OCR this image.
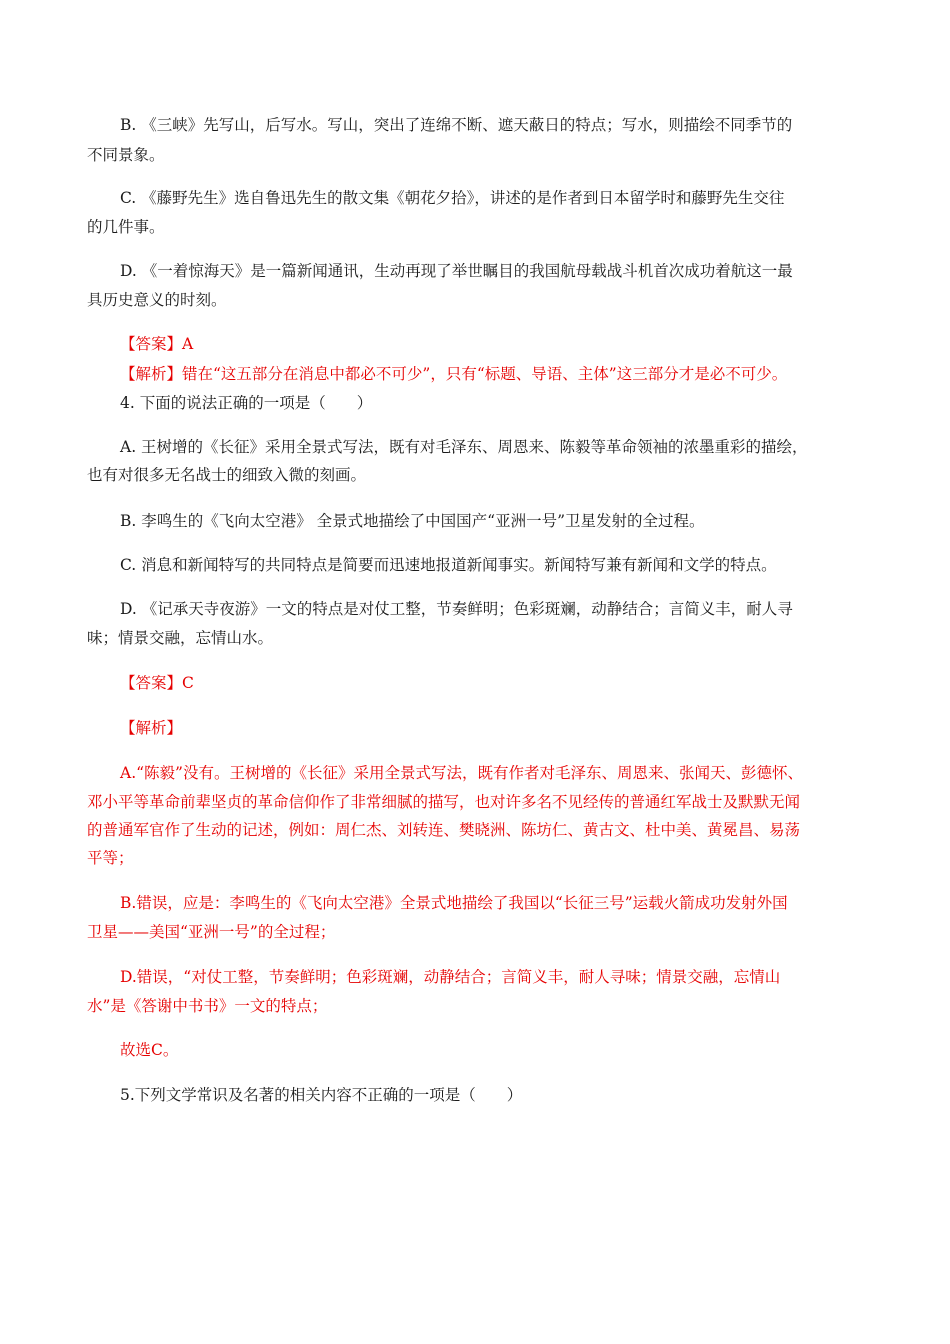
B. 《三峡》先写山，后写水。写山，突出了连绵不断、遮天蔽日的特点；写水，则描绘不同季节的
不同景象。
C. 《藤野先生》选自鲁迅先生的散文集《朝花夕拾》，讲述的是作者到日本留学时和藤野先生交往
的几件事。
D. 《一着惊海天》是一篇新闻通讯，生动再现了举世瞩目的我国航母载战斗机首次成功着航这一最
具历史意义的时刻。
【答案】A
【解析】错在“这五部分在消息中都必不可少”，只有“标题、导语、主体”这三部分才是必不可少。
4. 下面的说法正确的一项是（　　）
A. 王树增的《长征》采用全景式写法，既有对毛泽东、周恩来、陈毅等革命领袖的浓墨重彩的描绘，
也有对很多无名战士的细致入微的刻画。
B. 李鸣生的《飞向太空港》 全景式地描绘了中国国产“亚洲一号”卫星发射的全过程。
C. 消息和新闻特写的共同特点是简要而迅速地报道新闻事实。新闻特写兼有新闻和文学的特点。
D. 《记承天寺夜游》一文的特点是对仗工整，节奏鲜明；色彩斑斓，动静结合；言简义丰，耐人寻
味；情景交融，忘情山水。
【答案】C
【解析】
A.“陈毅”没有。王树增的《长征》采用全景式写法，既有作者对毛泽东、周恩来、张闻天、彭德怀、
邓小平等革命前辈坚贞的革命信仰作了非常细腻的描写，也对许多名不见经传的普通红军战士及默默无闻
的普通军官作了生动的记述，例如：周仁杰、刘转连、樊晓洲、陈坊仁、黄古文、杜中美、黄冕昌、易荡
平等；
B.错误，应是：李鸣生的《飞向太空港》全景式地描绘了我国以“长征三号”运载火箭成功发射外国
卫星——美国“亚洲一号”的全过程；
D.错误，“对仗工整，节奏鲜明；色彩斑斓，动静结合；言简义丰，耐人寻味；情景交融，忘情山
水”是《答谢中书书》一文的特点；
故选C。
5.下列文学常识及名著的相关内容不正确的一项是（　　）
